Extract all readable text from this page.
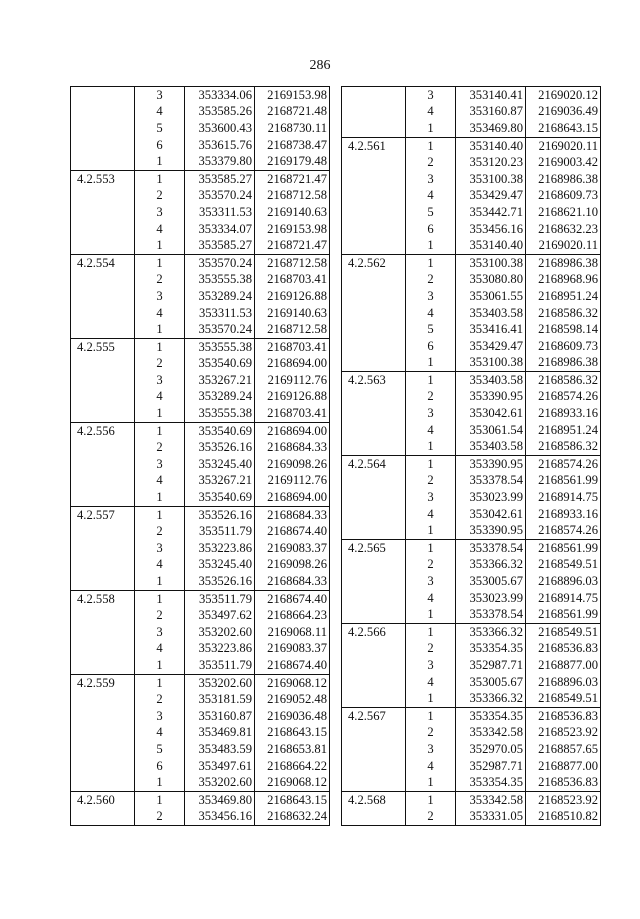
286
	3	353334.06	2169153.98
	4	353585.26	2168721.48
	5	353600.43	2168730.11
	6	353615.76	2168738.47
	1	353379.80	2169179.48
4.2.553	1	353585.27	2168721.47
	2	353570.24	2168712.58
	3	353311.53	2169140.63
	4	353334.07	2169153.98
	1	353585.27	2168721.47
4.2.554	1	353570.24	2168712.58
	2	353555.38	2168703.41
	3	353289.24	2169126.88
	4	353311.53	2169140.63
	1	353570.24	2168712.58
4.2.555	1	353555.38	2168703.41
	2	353540.69	2168694.00
	3	353267.21	2169112.76
	4	353289.24	2169126.88
	1	353555.38	2168703.41
4.2.556	1	353540.69	2168694.00
	2	353526.16	2168684.33
	3	353245.40	2169098.26
	4	353267.21	2169112.76
	1	353540.69	2168694.00
4.2.557	1	353526.16	2168684.33
	2	353511.79	2168674.40
	3	353223.86	2169083.37
	4	353245.40	2169098.26
	1	353526.16	2168684.33
4.2.558	1	353511.79	2168674.40
	2	353497.62	2168664.23
	3	353202.60	2169068.11
	4	353223.86	2169083.37
	1	353511.79	2168674.40
4.2.559	1	353202.60	2169068.12
	2	353181.59	2169052.48
	3	353160.87	2169036.48
	4	353469.81	2168643.15
	5	353483.59	2168653.81
	6	353497.61	2168664.22
	1	353202.60	2169068.12
4.2.560	1	353469.80	2168643.15
	2	353456.16	2168632.24
	3	353140.41	2169020.12
	4	353160.87	2169036.49
	1	353469.80	2168643.15
4.2.561	1	353140.40	2169020.11
	2	353120.23	2169003.42
	3	353100.38	2168986.38
	4	353429.47	2168609.73
	5	353442.71	2168621.10
	6	353456.16	2168632.23
	1	353140.40	2169020.11
4.2.562	1	353100.38	2168986.38
	2	353080.80	2168968.96
	3	353061.55	2168951.24
	4	353403.58	2168586.32
	5	353416.41	2168598.14
	6	353429.47	2168609.73
	1	353100.38	2168986.38
4.2.563	1	353403.58	2168586.32
	2	353390.95	2168574.26
	3	353042.61	2168933.16
	4	353061.54	2168951.24
	1	353403.58	2168586.32
4.2.564	1	353390.95	2168574.26
	2	353378.54	2168561.99
	3	353023.99	2168914.75
	4	353042.61	2168933.16
	1	353390.95	2168574.26
4.2.565	1	353378.54	2168561.99
	2	353366.32	2168549.51
	3	353005.67	2168896.03
	4	353023.99	2168914.75
	1	353378.54	2168561.99
4.2.566	1	353366.32	2168549.51
	2	353354.35	2168536.83
	3	352987.71	2168877.00
	4	353005.67	2168896.03
	1	353366.32	2168549.51
4.2.567	1	353354.35	2168536.83
	2	353342.58	2168523.92
	3	352970.05	2168857.65
	4	352987.71	2168877.00
	1	353354.35	2168536.83
4.2.568	1	353342.58	2168523.92
	2	353331.05	2168510.82
